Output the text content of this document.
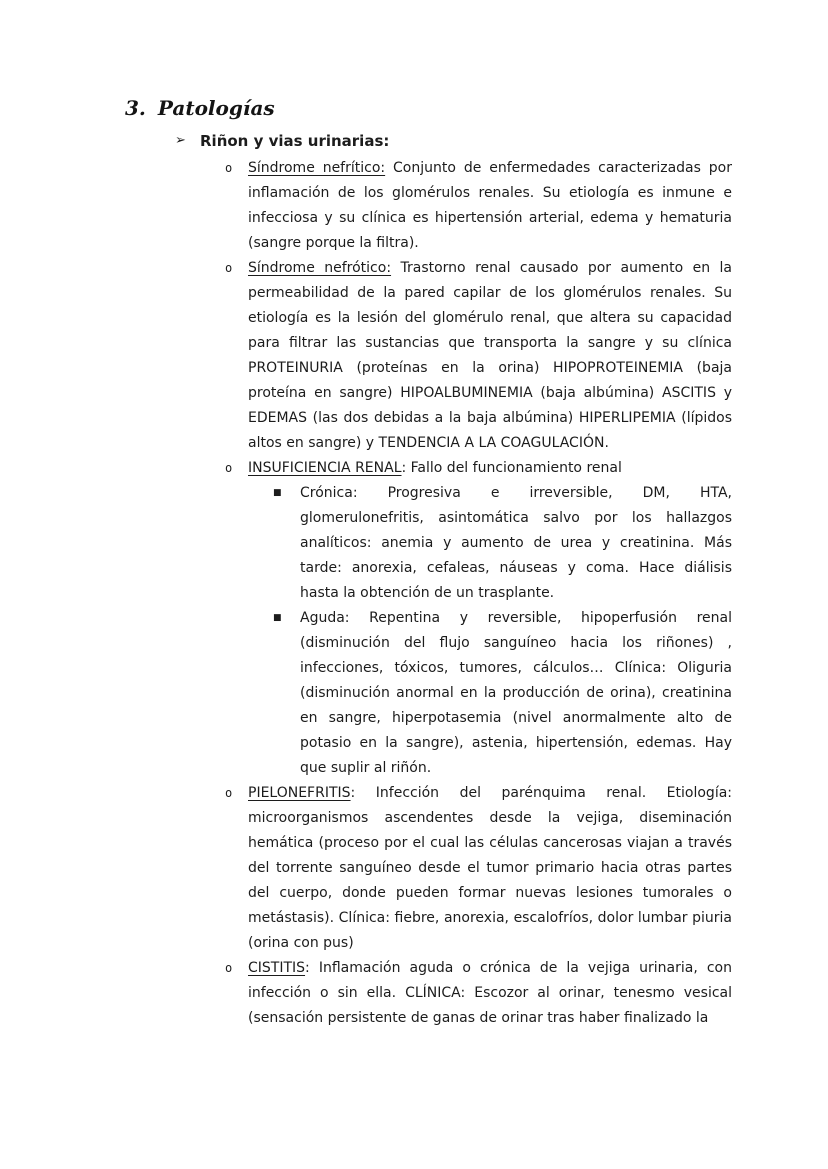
3. Patologías
➢ Riñon y vias urinarias:
o	Síndrome nefrítico: Conjunto de enfermedades caracterizadas por inflamación de los glomérulos renales. Su etiología es inmune e infecciosa y su clínica es hipertensión arterial, edema y hematuria (sangre porque la filtra).
o	Síndrome nefrótico: Trastorno renal causado por aumento en la permeabilidad de la pared capilar de los glomérulos renales. Su etiología es la lesión del glomérulo renal, que altera su capacidad para filtrar las sustancias que transporta la sangre y su clínica PROTEINURIA (proteínas en la orina) HIPOPROTEINEMIA (baja proteína en sangre) HIPOALBUMINEMIA (baja albúmina) ASCITIS y EDEMAS (las dos debidas a la baja albúmina) HIPERLIPEMIA (lípidos altos en sangre) y TENDENCIA A LA COAGULACIÓN.
o	INSUFICIENCIA RENAL: Fallo del funcionamiento renal
■	Crónica: Progresiva e irreversible, DM, HTA, glomerulonefritis, asintomática salvo por los hallazgos analíticos: anemia y aumento de urea y creatinina. Más tarde: anorexia, cefaleas, náuseas y coma. Hace diálisis hasta la obtención de un trasplante.
■	Aguda: Repentina y reversible, hipoperfusión renal (disminución del flujo sanguíneo hacia los riñones) , infecciones, tóxicos, tumores, cálculos… Clínica: Oliguria (disminución anormal en la producción de orina), creatinina en sangre, hiperpotasemia (nivel anormalmente alto de potasio en la sangre), astenia, hipertensión, edemas. Hay que suplir al riñón.
o	PIELONEFRITIS: Infección del parénquima renal. Etiología: microorganismos ascendentes desde la vejiga, diseminación hemática (proceso por el cual las células cancerosas viajan a través del torrente sanguíneo desde el tumor primario hacia otras partes del cuerpo, donde pueden formar nuevas lesiones tumorales o metástasis). Clínica: fiebre, anorexia, escalofríos, dolor lumbar piuria (orina con pus)
o	CISTITIS: Inflamación aguda o crónica de la vejiga urinaria, con infección o sin ella. CLÍNICA: Escozor al orinar, tenesmo vesical (sensación persistente de ganas de orinar tras haber finalizado la
